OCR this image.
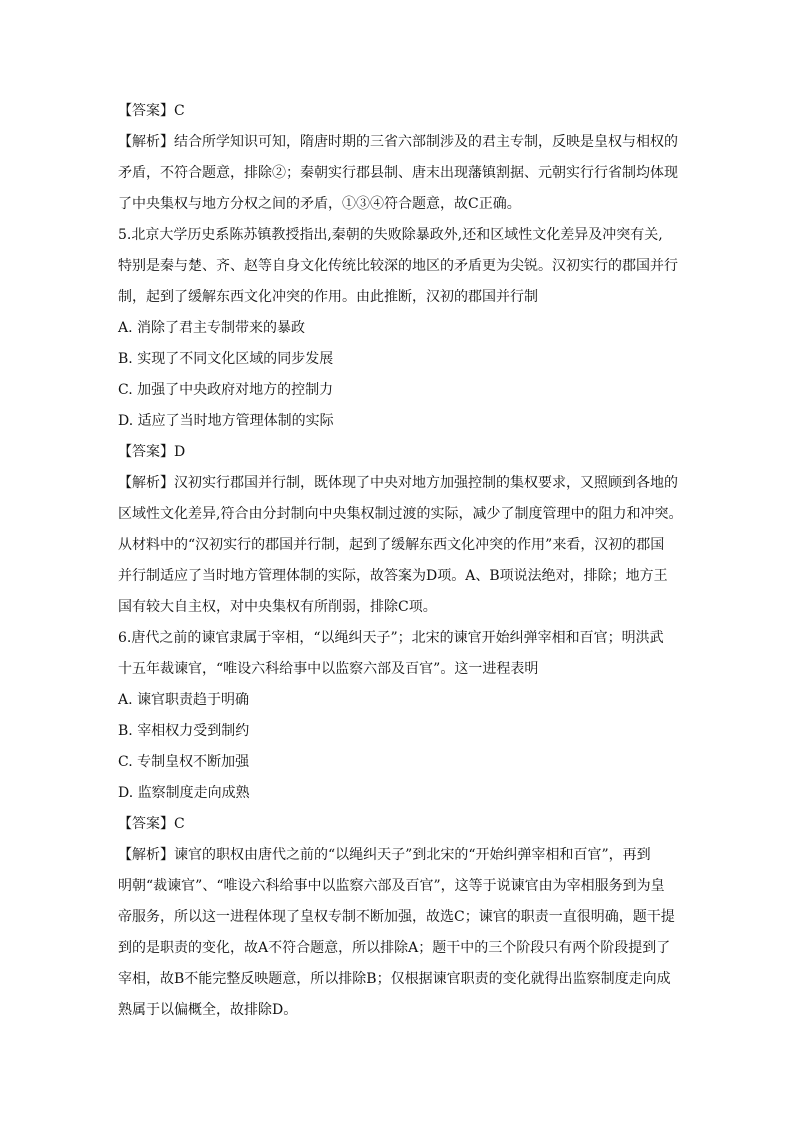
【答案】C
【解析】结合所学知识可知，隋唐时期的三省六部制涉及的君主专制，反映是皇权与相权的
矛盾，不符合题意，排除②；秦朝实行郡县制、唐末出现藩镇割据、元朝实行行省制均体现
了中央集权与地方分权之间的矛盾，①③④符合题意，故C正确。
5.北京大学历史系陈苏镇教授指出,秦朝的失败除暴政外,还和区域性文化差异及冲突有关,
特别是秦与楚、齐、赵等自身文化传统比较深的地区的矛盾更为尖锐。汉初实行的郡国并行
制，起到了缓解东西文化冲突的作用。由此推断，汉初的郡国并行制
A. 消除了君主专制带来的暴政
B. 实现了不同文化区域的同步发展
C. 加强了中央政府对地方的控制力
D. 适应了当时地方管理体制的实际
【答案】D
【解析】汉初实行郡国并行制，既体现了中央对地方加强控制的集权要求，又照顾到各地的
区域性文化差异,符合由分封制向中央集权制过渡的实际，减少了制度管理中的阻力和冲突。
从材料中的“汉初实行的郡国并行制，起到了缓解东西文化冲突的作用”来看，汉初的郡国
并行制适应了当时地方管理体制的实际，故答案为D项。A、B项说法绝对，排除；地方王
国有较大自主权，对中央集权有所削弱，排除C项。
6.唐代之前的谏官隶属于宰相，“以绳纠天子”；北宋的谏官开始纠弹宰相和百官；明洪武
十五年裁谏官，“唯设六科给事中以监察六部及百官”。这一进程表明
A. 谏官职责趋于明确
B. 宰相权力受到制约
C. 专制皇权不断加强
D. 监察制度走向成熟
【答案】C
【解析】谏官的职权由唐代之前的“以绳纠天子”到北宋的“开始纠弹宰相和百官”，再到
明朝“裁谏官”、“唯设六科给事中以监察六部及百官”，这等于说谏官由为宰相服务到为皇
帝服务，所以这一进程体现了皇权专制不断加强，故选C；谏官的职责一直很明确，题干提
到的是职责的变化，故A不符合题意，所以排除A；题干中的三个阶段只有两个阶段提到了
宰相，故B不能完整反映题意，所以排除B；仅根据谏官职责的变化就得出监察制度走向成
熟属于以偏概全，故排除D。
